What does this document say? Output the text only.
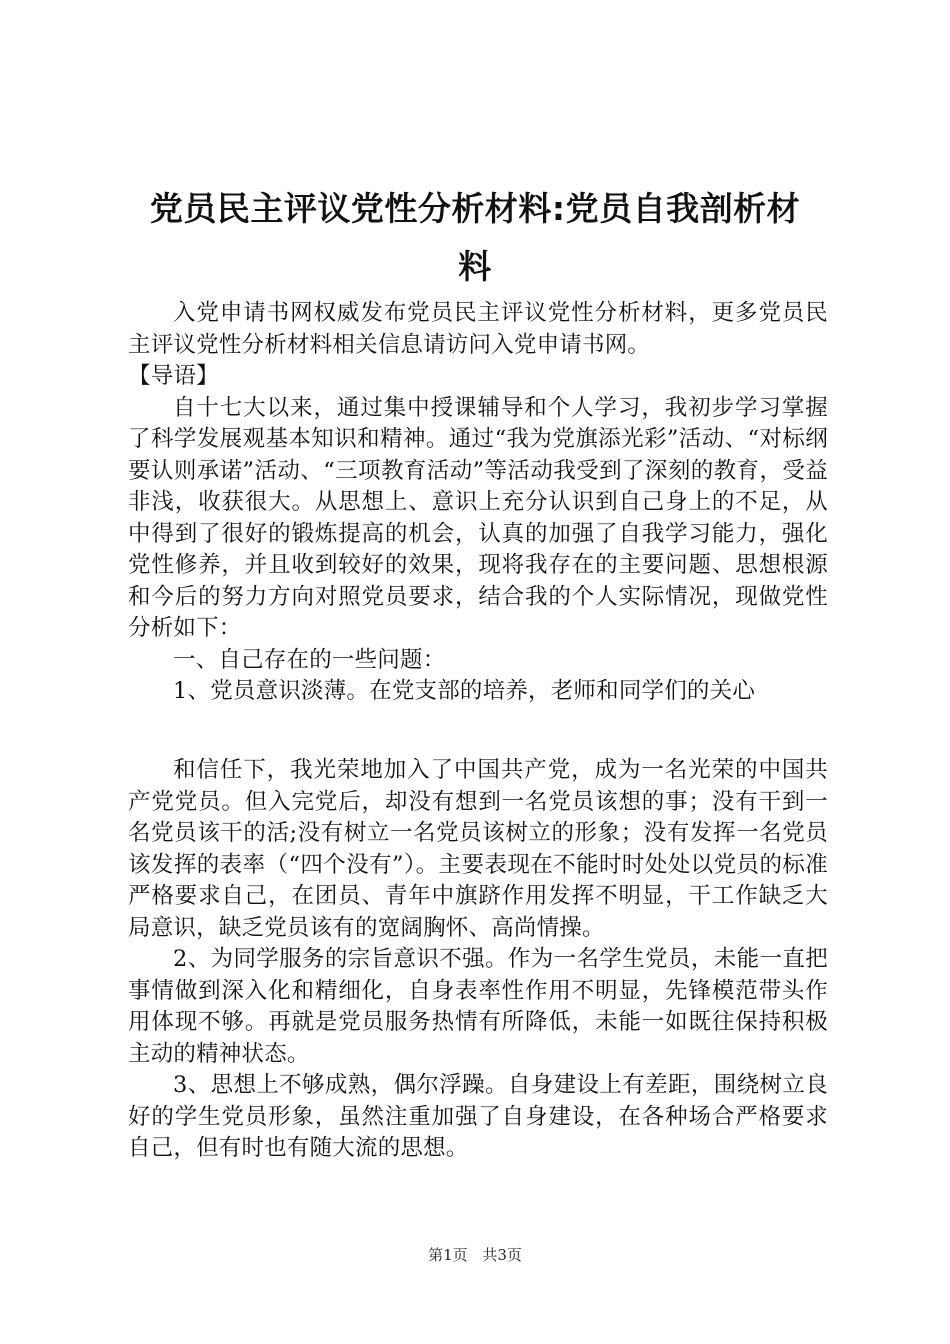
党员民主评议党性分析材料:党员自我剖析材
料

入党申请书网权威发布党员民主评议党性分析材料，更多党员民主评议党性分析材料相关信息请访问入党申请书网。

【导语】

自十七大以来，通过集中授课辅导和个人学习，我初步学习掌握了科学发展观基本知识和精神。通过“我为党旗添光彩”活动、“对标纲要认则承诺”活动、“三项教育活动”等活动我受到了深刻的教育，受益非浅，收获很大。从思想上、意识上充分认识到自己身上的不足，从中得到了很好的锻炼提高的机会，认真的加强了自我学习能力，强化党性修养，并且收到较好的效果，现将我存在的主要问题、思想根源和今后的努力方向对照党员要求，结合我的个人实际情况，现做党性分析如下：

一、自己存在的一些问题：

1、党员意识淡薄。在党支部的培养，老师和同学们的关心

和信任下，我光荣地加入了中国共产党，成为一名光荣的中国共产党党员。但入完党后，却没有想到一名党员该想的事；没有干到一名党员该干的活;没有树立一名党员该树立的形象；没有发挥一名党员该发挥的表率（“四个没有”）。主要表现在不能时时处处以党员的标准严格要求自己，在团员、青年中旗跻作用发挥不明显，干工作缺乏大局意识，缺乏党员该有的宽阔胸怀、高尚情操。

2、为同学服务的宗旨意识不强。作为一名学生党员，未能一直把事情做到深入化和精细化，自身表率性作用不明显，先锋模范带头作用体现不够。再就是党员服务热情有所降低，未能一如既往保持积极主动的精神状态。

3、思想上不够成熟，偶尔浮躁。自身建设上有差距，围绕树立良好的学生党员形象，虽然注重加强了自身建设，在各种场合严格要求自己，但有时也有随大流的思想。

第1页 共3页
